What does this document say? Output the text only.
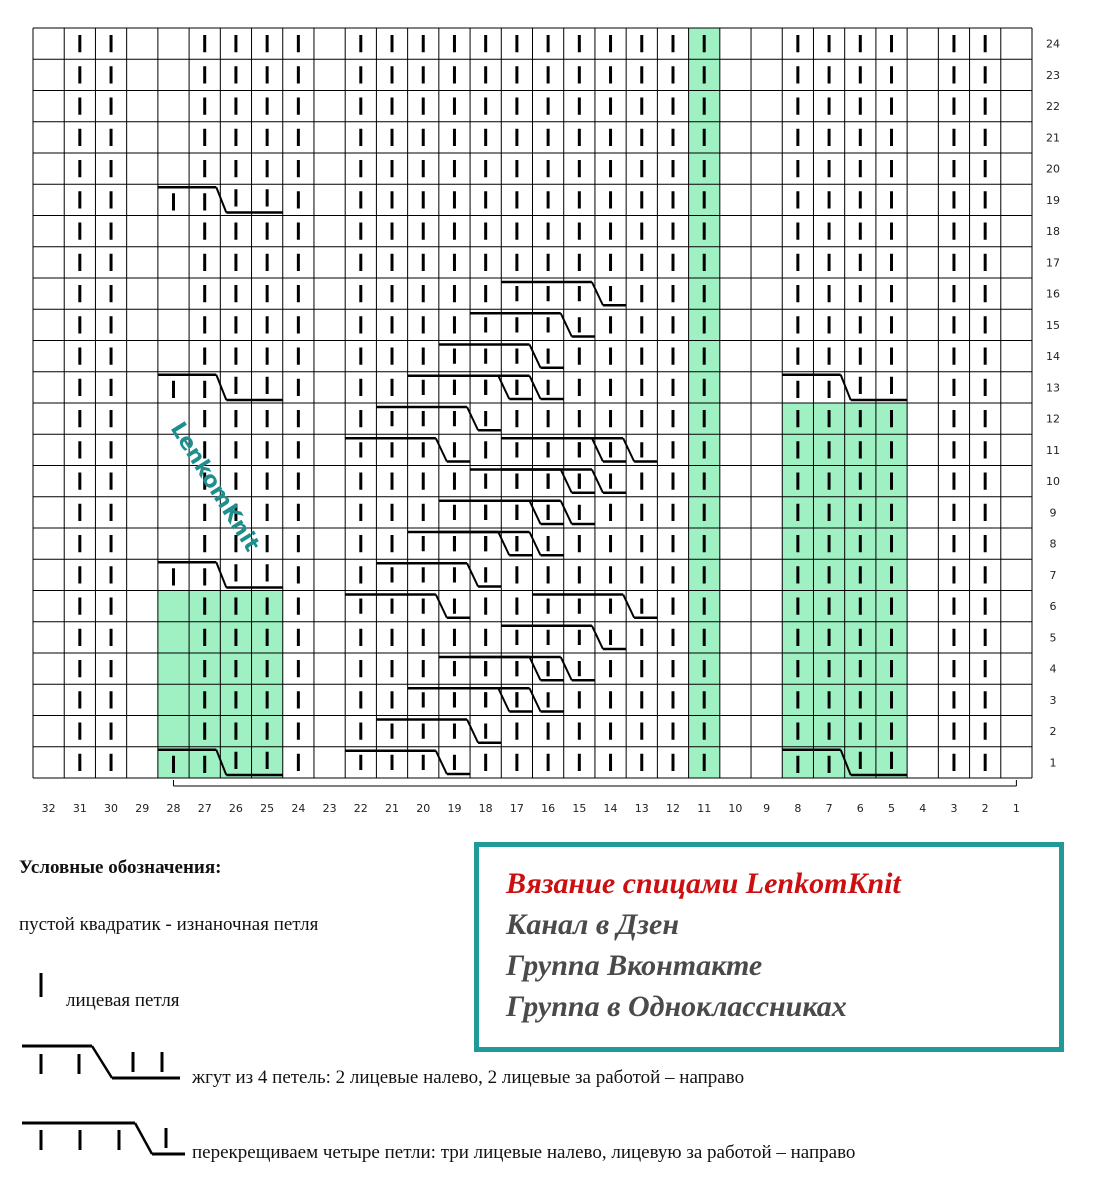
32 31 30 29 28 27 26 25 24 23 22 21 20 19 18 17 16 15 14 13 12 11 10 9 8 7 6 5 4 3 2 1
24
23
22
21
20
19
18
17
16
15
14
13
12
11
10
9
8
7
6
5
4
3
2
1
LenkomKnit
Условные обозначения:
пустой квадратик - изнаночная петля
лицевая петля
жгут из 4 петель: 2 лицевые налево, 2 лицевые за работой – направо
перекрещиваем четыре петли: три лицевые налево, лицевую за работой – направо
Вязание спицами LenkomKnit
Канал в Дзен
Группа Вконтакте
Группа в Одноклассниках
